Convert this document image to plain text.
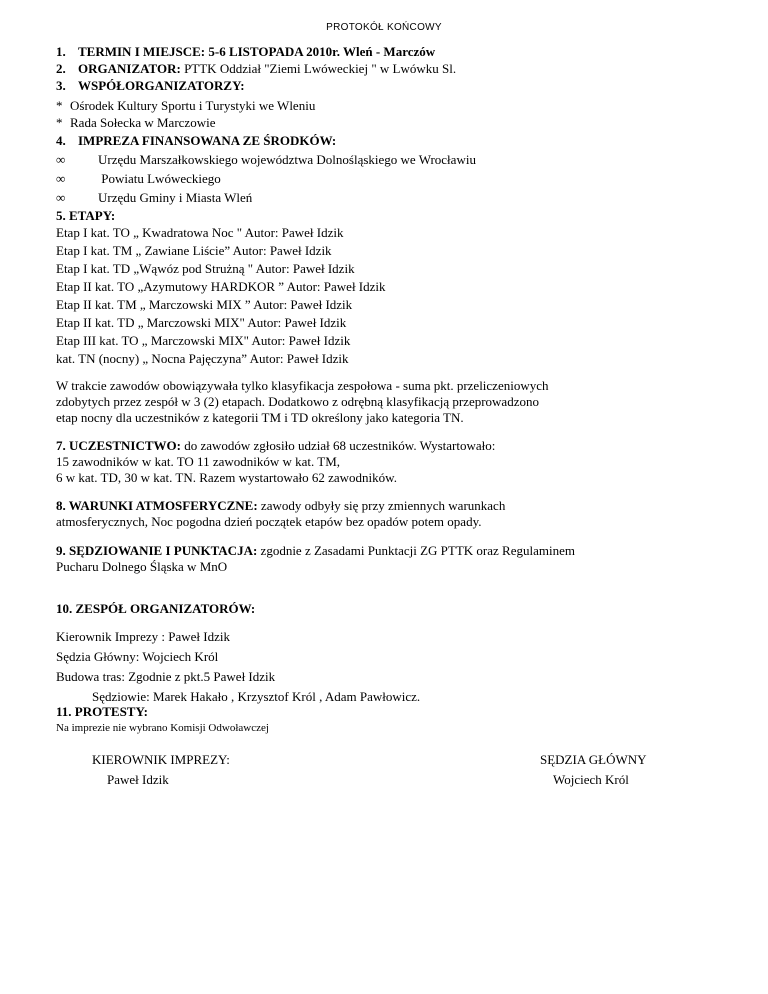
PROTOKÓŁ KOŃCOWY
1. TERMIN I MIEJSCE: 5-6 LISTOPADA 2010r. Wleń - Marczów
2. ORGANIZATOR: PTTK Oddział "Ziemi Lwóweckiej " w Lwówku Sl.
3. WSPÓŁORGANIZATORZY:
* Ośrodek Kultury Sportu i Turystyki we Wleniu
* Rada Sołecka w Marczowie
4. IMPREZA FINANSOWANA ZE ŚRODKÓW:
∞	Urzędu Marszałkowskiego województwa Dolnośląskiego we Wrocławiu
∞	Powiatu Lwóweckiego
∞	Urzędu Gminy i Miasta Wleń
5. ETAPY:
Etap I kat. TO „ Kwadratowa Noc " Autor: Paweł Idzik
Etap I kat. TM „ Zawiane Liście” Autor: Paweł Idzik
Etap I kat. TD „Wąwóz pod Strużną " Autor: Paweł Idzik
Etap II kat. TO „Azymutowy HARDKOR ” Autor: Paweł Idzik
Etap II kat. TM „ Marczowski MIX ” Autor: Paweł Idzik
Etap II kat. TD „ Marczowski MIX" Autor: Paweł Idzik
Etap III kat. TO „ Marczowski MIX" Autor: Paweł Idzik
kat. TN (nocny) „ Nocna Pajęczyna” Autor: Paweł Idzik
W trakcie zawodów obowiązywała tylko klasyfikacja zespołowa - suma pkt. przeliczeniowych
zdobytych przez zespół w 3 (2) etapach. Dodatkowo z odrębną klasyfikacją przeprowadzono
etap nocny dla uczestników z kategorii TM i TD określony jako kategoria TN.
7. UCZESTNICTWO: do zawodów zgłosiło udział 68 uczestników. Wystartowało:
15 zawodników w kat. TO 11 zawodników w kat. TM,
6 w kat. TD, 30 w kat. TN. Razem wystartowało 62 zawodników.
8. WARUNKI ATMOSFERYCZNE: zawody odbyły się przy zmiennych warunkach
atmosferycznych, Noc pogodna dzień początek etapów bez opadów potem opady.
9. SĘDZIOWANIE I PUNKTACJA: zgodnie z Zasadami Punktacji ZG PTTK oraz Regulaminem
Pucharu Dolnego Śląska w MnO
10. ZESPÓŁ ORGANIZATORÓW:
Kierownik Imprezy : Paweł Idzik
Sędzia Główny: Wojciech Król
Budowa tras: Zgodnie z pkt.5 Paweł Idzik
Sędziowie: Marek Hakało , Krzysztof Król , Adam Pawłowicz.
11. PROTESTY:
Na imprezie nie wybrano Komisji Odwoławczej
KIEROWNIK IMPREZY:
Paweł Idzik
SĘDZIA GŁÓWNY
Wojciech Król
